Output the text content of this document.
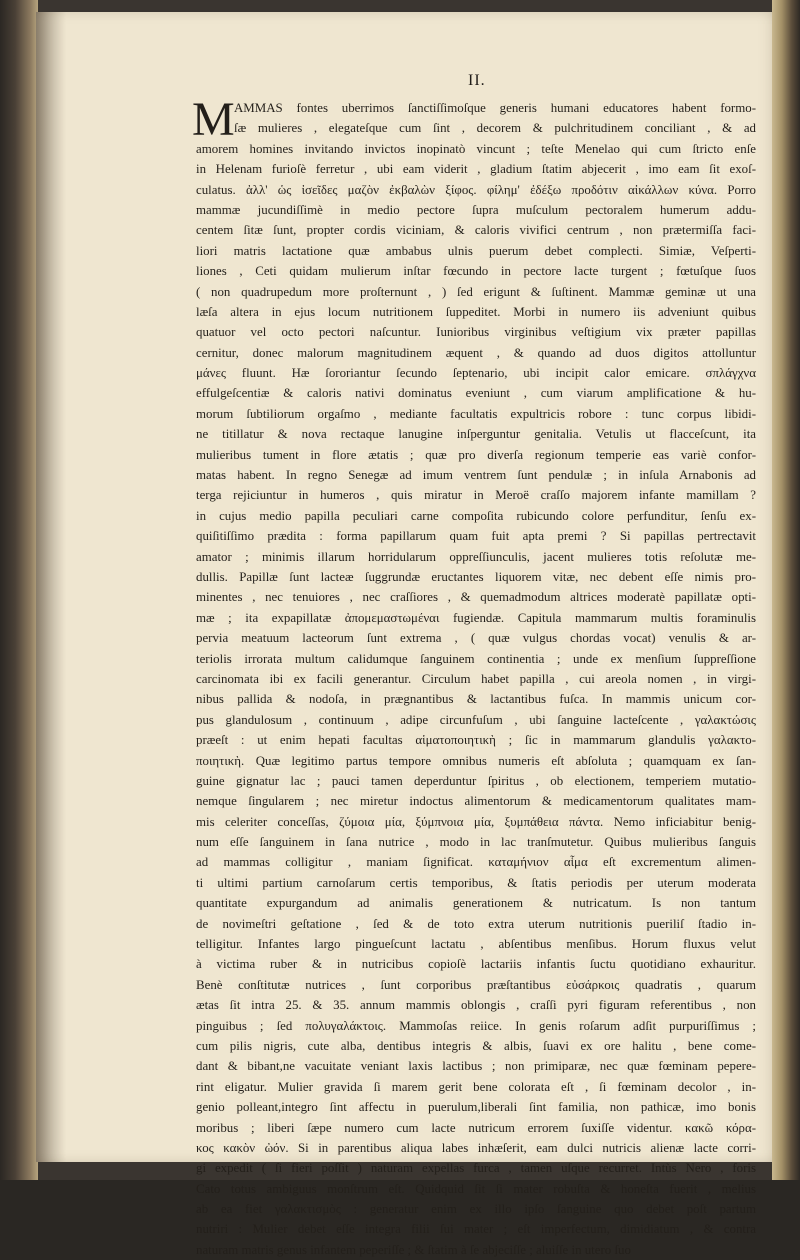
II.
M AMMAS fontes uberrimos ſanctiſſimoſque generis humani educatores habent formo-
ſæ mulieres , elegateſque cum ſint , decorem & pulchritudinem conciliant , & ad
amorem homines invitando invictos inopinatò vincunt ; teſte Menelao qui cum ſtricto enſe
in Helenam furioſè ferretur , ubi eam viderit , gladium ſtatim abjecerit , imo eam ſit exoſ-
culatus. ἀλλ' ὡς ἰσεῖδες μαζὸν ἐκβαλὼν ξίφος. φίλημ' ἐδέξω προδότιν αἰκάλλων κύνα. Porro
mammæ jucundiſſimè in medio pectore ſupra muſculum pectoralem humerum addu-
centem ſitæ ſunt, propter cordis viciniam, & caloris vivifici centrum , non prætermiſſa faci-
liori matris lactatione quæ ambabus ulnis puerum debet complecti. Simiæ, Veſperti-
liones , Ceti quidam mulierum inſtar fœcundo in pectore lacte turgent ; fœtuſque ſuos
( non quadrupedum more proſternunt , ) ſed erigunt & ſuſtinent. Mammæ geminæ ut una
læſa altera in ejus locum nutritionem ſuppeditet. Morbi in numero iis adveniunt quibus
quatuor vel octo pectori naſcuntur. Iunioribus virginibus veſtigium vix præter papillas
cernitur, donec malorum magnitudinem æquent , & quando ad duos digitos attolluntur
μάνες fluunt. Hæ ſororiantur ſecundo ſeptenario, ubi incipit calor emicare. σπλάγχνα
effulgeſcentiæ & caloris nativi dominatus eveniunt , cum viarum amplificatione & hu-
morum ſubtiliorum orgaſmo , mediante facultatis expultricis robore : tunc corpus libidi-
ne titillatur & nova rectaque lanugine inſperguntur genitalia. Vetulis ut flacceſcunt, ita
mulieribus tument in flore ætatis ; quæ pro diverſa regionum temperie eas variè confor-
matas habent. In regno Senegæ ad imum ventrem ſunt pendulæ ; in inſula Arnabonis ad
terga rejiciuntur in humeros , quis miratur in Meroë craſſo majorem infante mamillam ?
in cujus medio papilla peculiari carne compoſita rubicundo colore perfunditur, ſenſu ex-
quiſitiſſimo prædita : forma papillarum quam fuit apta premi ? Si papillas pertrectavit
amator ; minimis illarum horridularum oppreſſiunculis, jacent mulieres totis reſolutæ me-
dullis. Papillæ ſunt lacteæ ſuggrundæ eructantes liquorem vitæ, nec debent eſſe nimis pro-
minentes , nec tenuiores , nec craſſiores , & quemadmodum altrices moderatè papillatæ opti-
mæ ; ita expapillatæ ἀπομεμαστωμέναι fugiendæ. Capitula mammarum multis foraminulis
pervia meatuum lacteorum ſunt extrema , ( quæ vulgus chordas vocat) venulis & ar-
teriolis irrorata multum calidumque ſanguinem continentia ; unde ex menſium ſuppreſſione
carcinomata ibi ex facili generantur. Circulum habet papilla , cui areola nomen , in virgi-
nibus pallida & nodoſa, in prægnantibus & lactantibus fuſca. In mammis unicum cor-
pus glandulosum , continuum , adipe circunfuſum , ubi ſanguine lacteſcente , γαλακτώσις
præeſt : ut enim hepati facultas αἱματοποιητικὴ ; ſic in mammarum glandulis γαλακτο-
ποιητικὴ. Quæ legitimo partus tempore omnibus numeris eſt abſoluta ; quamquam ex ſan-
guine gignatur lac ; pauci tamen deperduntur ſpiritus , ob electionem, temperiem mutatio-
nemque ſingularem ; nec miretur indoctus alimentorum & medicamentorum qualitates mam-
mis celeriter conceſſas, ζύμοια μία, ξύμπνοια μία, ξυμπάθεια πάντα. Nemo inficiabitur benig-
num eſſe ſanguinem in ſana nutrice , modo in lac tranſmutetur. Quibus mulieribus ſanguis
ad mammas colligitur , maniam ſignificat. καταμήνιον αἷμα eſt excrementum alimen-
ti ultimi partium carnoſarum certis temporibus, & ſtatis periodis per uterum moderata
quantitate expurgandum ad animalis generationem & nutricatum. Is non tantum
de novimeſtri geſtatione , ſed & de toto extra uterum nutritionis pueriliſ ſtadio in-
telligitur. Infantes largo pingueſcunt lactatu , abſentibus menſibus. Horum fluxus velut
à victima ruber & in nutricibus copioſè lactariis infantis ſuctu quotidiano exhauritur.
Benè conſtitutæ nutrices , ſunt corporibus præſtantibus εὐσάρκοις quadratis , quarum
ætas ſit intra 25. & 35. annum mammis oblongis , craſſi pyri figuram referentibus , non
pinguibus ; ſed πολυγαλάκτοις. Mammoſas reiice. In genis roſarum adſit purpuriſſimus ;
cum pilis nigris, cute alba, dentibus integris & albis, ſuavi ex ore halitu , bene come-
dant & bibant,ne vacuitate veniant laxis lactibus ; non primiparæ, nec quæ fœminam pepere-
rint eligatur. Mulier gravida ſi marem gerit bene colorata eſt , ſi fœminam decolor , in-
genio polleant,integro ſint affectu in puerulum,liberali ſint familia, non pathicæ, imo bonis
moribus ; liberi ſæpe numero cum lacte nutricum errorem ſuxiſſe videntur. κακῶ κόρα-
κος κακὸν ὠόν. Si in parentibus aliqua labes inhæſerit, eam dulci nutricis alienæ lacte corri-
gi expedit ( ſi fieri poſſit ) naturam expellas furca , tamen uſque recurret. Intùs Nero , foris
Cato totus ambiguus monſtrum eſt. Quidquid ſit ſi mater robuſta & honeſta fuerit , melius
ab ea fiet γαλακτισμὸς : generatur enim ex illo ipſo ſanguine quo debet poſt partum
nutriri : Mulier debet eſſe integra filii ſui mater ; eſt imperfectum, dimidiatum , & contra
naturam matris genus infantem peperiſſe ; & ſtatim à ſe abjeciſſe ; aluiſſe in utero ſuo
